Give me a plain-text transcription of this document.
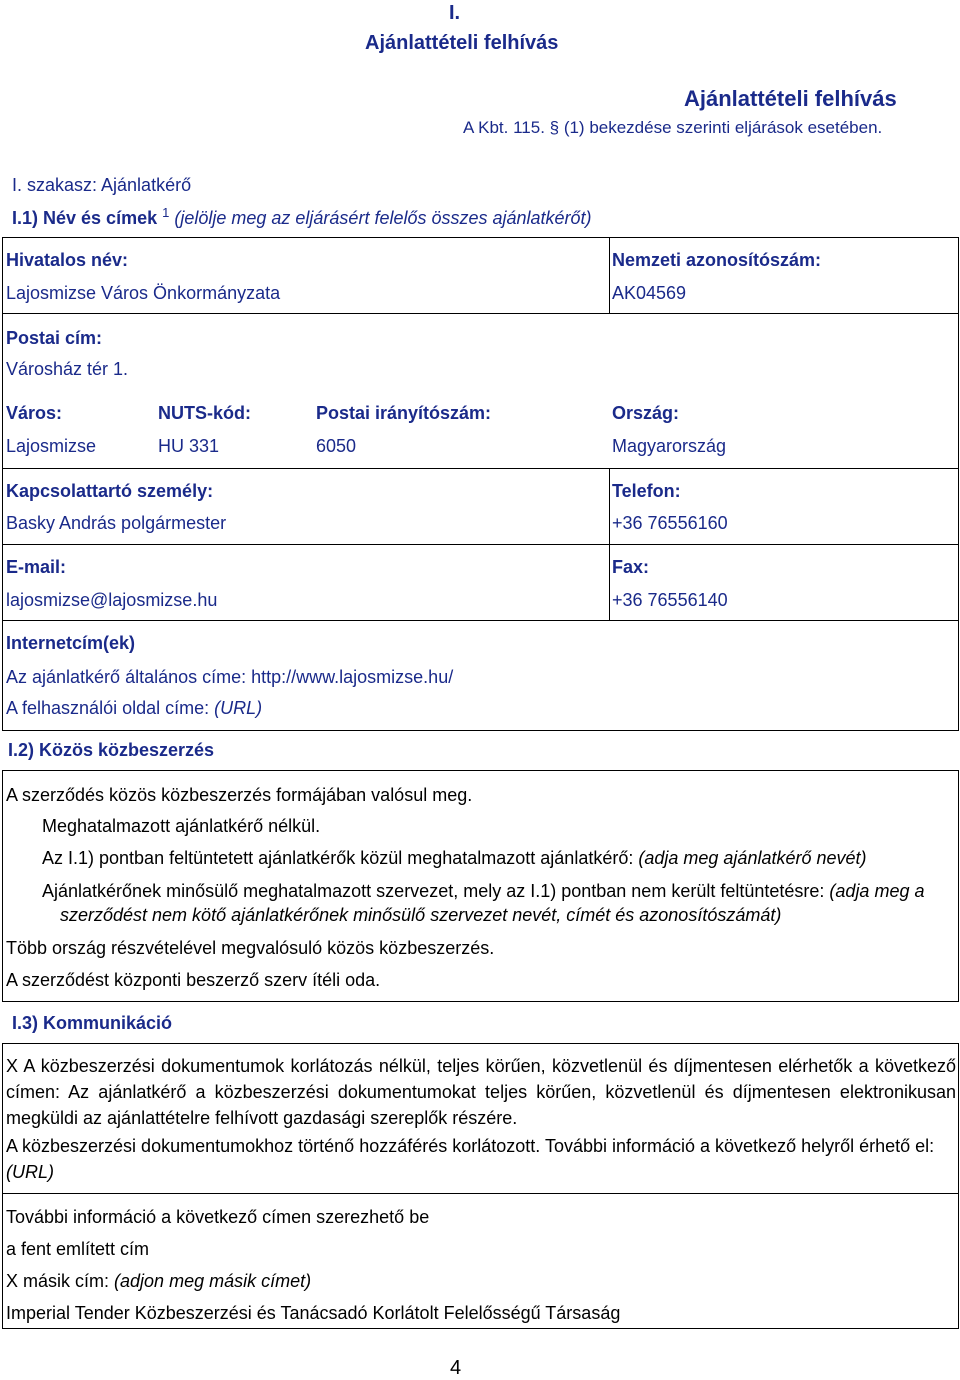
I.
Ajánlattételi felhívás
Ajánlattételi felhívás
A Kbt. 115. § (1) bekezdése szerinti eljárások esetében.
I. szakasz: Ajánlatkérő
I.1) Név és címek $^1$ (jelölje meg az eljárásért felelős összes ajánlatkérőt)
Hivatalos név:
Lajosmizse Város Önkormányzata
Nemzeti azonosítószám:
AK04569
Postai cím:
Városház tér 1.
Város:
Lajosmizse
NUTS-kód:
HU 331
Postai irányítószám:
6050
Ország:
Magyarország
Kapcsolattartó személy:
Basky András polgármester
Telefon:
+36 76556160
E-mail:
lajosmizse@lajosmizse.hu
Fax:
+36 76556140
Internetcím(ek)
Az ajánlatkérő általános címe: http://www.lajosmizse.hu/
A felhasználói oldal címe: (URL)
I.2) Közös közbeszerzés
A szerződés közös közbeszerzés formájában valósul meg.
Meghatalmazott ajánlatkérő nélkül.
Az I.1) pontban feltüntetett ajánlatkérők közül meghatalmazott ajánlatkérő: (adja meg ajánlatkérő nevét)
Ajánlatkérőnek minősülő meghatalmazott szervezet, mely az I.1) pontban nem került feltüntetésre: (adja meg a
szerződést nem kötő ajánlatkérőnek minősülő szervezet nevét, címét és azonosítószámát)
Több ország részvételével megvalósuló közös közbeszerzés.
A szerződést központi beszerző szerv ítéli oda.
I.3) Kommunikáció
X A közbeszerzési dokumentumok korlátozás nélkül, teljes körűen, közvetlenül és díjmentesen elérhetők a következő címen: Az ajánlatkérő a közbeszerzési dokumentumokat teljes körűen, közvetlenül és díjmentesen elektronikusan megküldi az ajánlattételre felhívott gazdasági szereplők részére.
A közbeszerzési dokumentumokhoz történő hozzáférés korlátozott. További információ a következő helyről érhető el:
(URL)
További információ a következő címen szerezhető be
a fent említett cím
X másik cím: (adjon meg másik címet)
Imperial Tender Közbeszerzési és Tanácsadó Korlátolt Felelősségű Társaság
4
